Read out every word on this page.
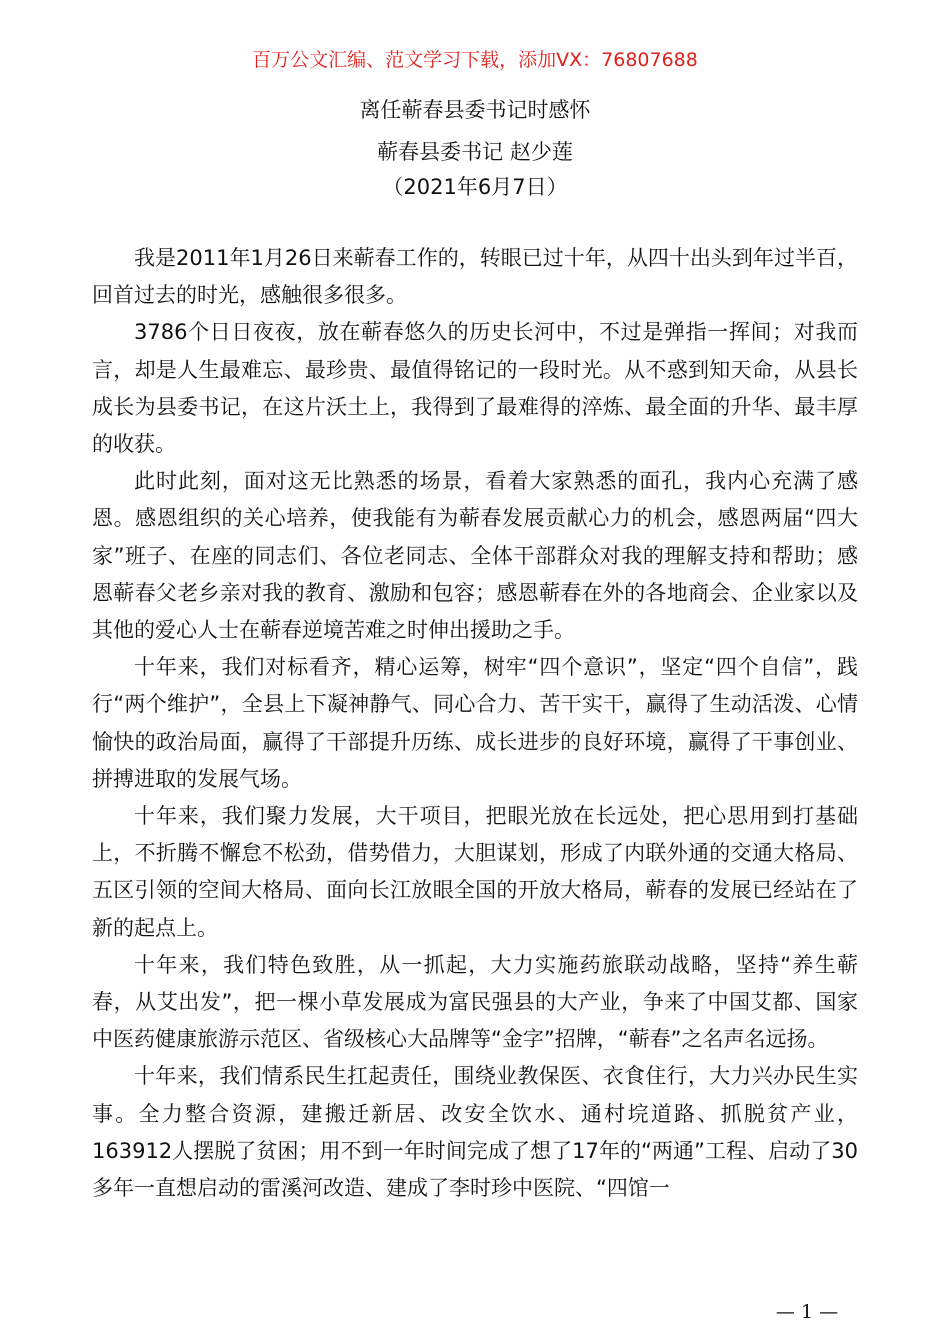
百万公文汇编、范文学习下载，添加VX：76807688
离任蕲春县委书记时感怀
蕲春县委书记 赵少莲
（2021年6月7日）

我是2011年1月26日来蕲春工作的，转眼已过十年，从四十出头到年过半百，回首过去的时光，感触很多很多。

3786个日日夜夜，放在蕲春悠久的历史长河中，不过是弹指一挥间；对我而言，却是人生最难忘、最珍贵、最值得铭记的一段时光。从不惑到知天命，从县长成长为县委书记，在这片沃土上，我得到了最难得的淬炼、最全面的升华、最丰厚的收获。

此时此刻，面对这无比熟悉的场景，看着大家熟悉的面孔，我内心充满了感恩。感恩组织的关心培养，使我能有为蕲春发展贡献心力的机会，感恩两届“四大家”班子、在座的同志们、各位老同志、全体干部群众对我的理解支持和帮助；感恩蕲春父老乡亲对我的教育、激励和包容；感恩蕲春在外的各地商会、企业家以及其他的爱心人士在蕲春逆境苦难之时伸出援助之手。

十年来，我们对标看齐，精心运筹，树牢“四个意识”，坚定“四个自信”，践行“两个维护”，全县上下凝神静气、同心合力、苦干实干，赢得了生动活泼、心情愉快的政治局面，赢得了干部提升历练、成长进步的良好环境，赢得了干事创业、拼搏进取的发展气场。

十年来，我们聚力发展，大干项目，把眼光放在长远处，把心思用到打基础上，不折腾不懈怠不松劲，借势借力，大胆谋划，形成了内联外通的交通大格局、五区引领的空间大格局、面向长江放眼全国的开放大格局，蕲春的发展已经站在了新的起点上。

十年来，我们特色致胜，从一抓起，大力实施药旅联动战略，坚持“养生蕲春，从艾出发”，把一棵小草发展成为富民强县的大产业，争来了中国艾都、国家中医药健康旅游示范区、省级核心大品牌等“金字”招牌，“蕲春”之名声名远扬。

十年来，我们情系民生扛起责任，围绕业教保医、衣食住行，大力兴办民生实事。全力整合资源，建搬迁新居、改安全饮水、通村垸道路、抓脱贫产业，163912人摆脱了贫困；用不到一年时间完成了想了17年的“两通”工程、启动了30多年一直想启动的雷溪河改造、建成了李时珍中医院、“四馆一

— 1 —
